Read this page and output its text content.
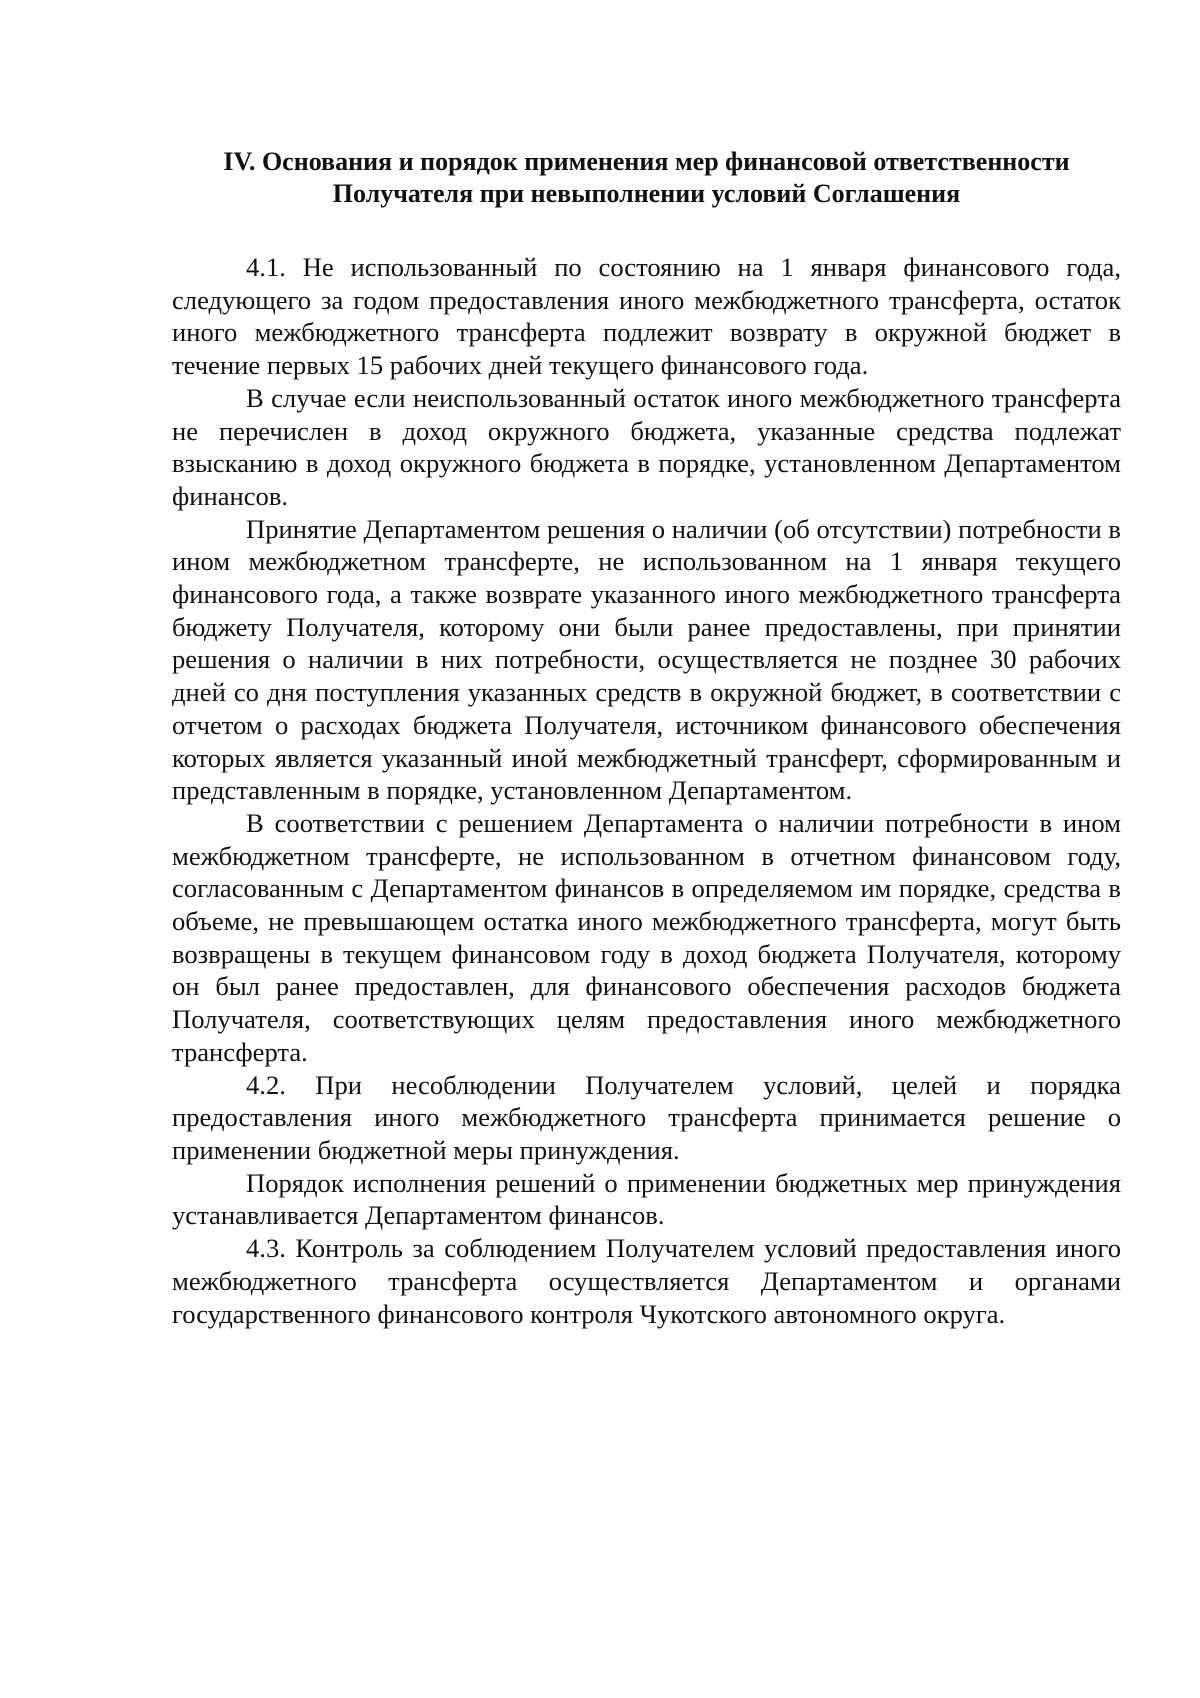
IV. Основания и порядок применения мер финансовой ответственности
Получателя при невыполнении условий Соглашения

4.1. Не использованный по состоянию на 1 января финансового года, следующего за годом предоставления иного межбюджетного трансферта, остаток иного межбюджетного трансферта подлежит возврату в окружной бюджет в течение первых 15 рабочих дней текущего финансового года.

В случае если неиспользованный остаток иного межбюджетного трансферта не перечислен в доход окружного бюджета, указанные средства подлежат взысканию в доход окружного бюджета в порядке, установленном Департаментом финансов.

Принятие Департаментом решения о наличии (об отсутствии) потребности в ином межбюджетном трансферте, не использованном на 1 января текущего финансового года, а также возврате указанного иного межбюджетного трансферта бюджету Получателя, которому они были ранее предоставлены, при принятии решения о наличии в них потребности, осуществляется не позднее 30 рабочих дней со дня поступления указанных средств в окружной бюджет, в соответствии с отчетом о расходах бюджета Получателя, источником финансового обеспечения которых является указанный иной межбюджетный трансферт, сформированным и представленным в порядке, установленном Департаментом.

В соответствии с решением Департамента о наличии потребности в ином межбюджетном трансферте, не использованном в отчетном финансовом году, согласованным с Департаментом финансов в определяемом им порядке, средства в объеме, не превышающем остатка иного межбюджетного трансферта, могут быть возвращены в текущем финансовом году в доход бюджета Получателя, которому он был ранее предоставлен, для финансового обеспечения расходов бюджета Получателя, соответствующих целям предоставления иного межбюджетного трансферта.

4.2. При несоблюдении Получателем условий, целей и порядка предоставления иного межбюджетного трансферта принимается решение о применении бюджетной меры принуждения.

Порядок исполнения решений о применении бюджетных мер принуждения устанавливается Департаментом финансов.

4.3. Контроль за соблюдением Получателем условий предоставления иного межбюджетного трансферта осуществляется Департаментом и органами государственного финансового контроля Чукотского автономного округа.
